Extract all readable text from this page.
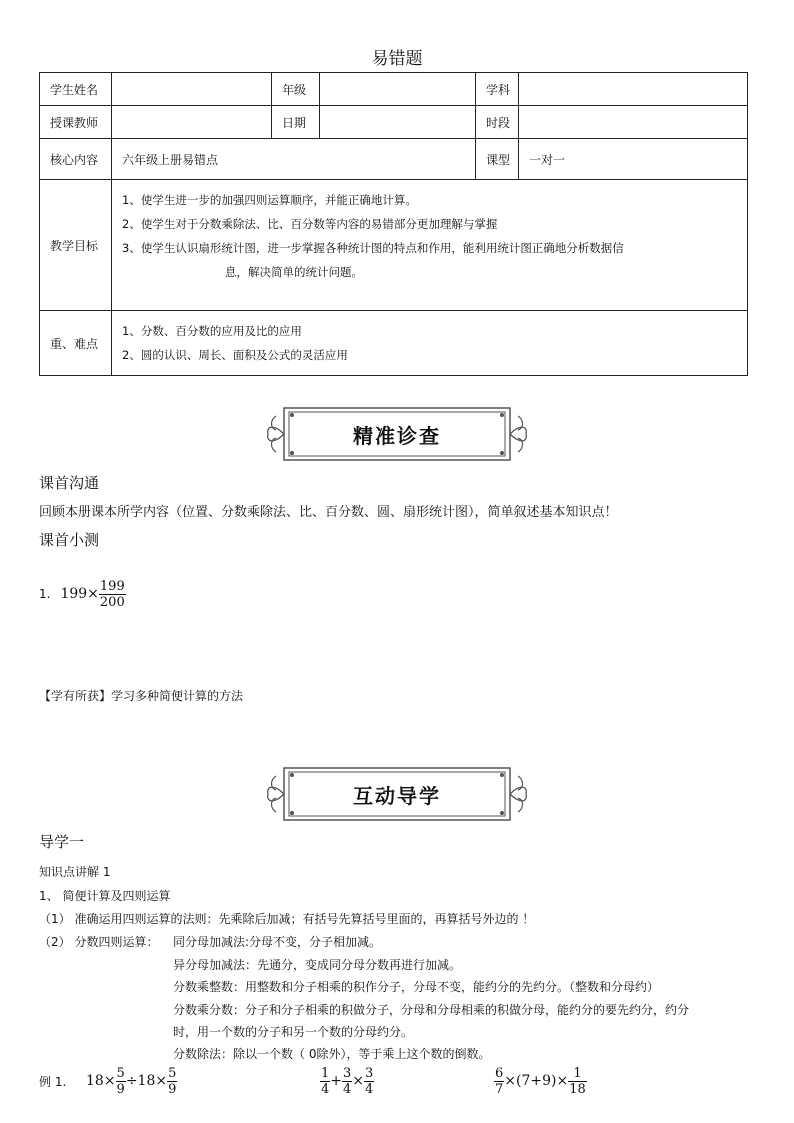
易错题
学生姓名		年级		学科	
授课教师		日期		时段	
核心内容	六年级上册易错点			课型	一对一
教学目标	1、使学生进一步的加强四则运算顺序，并能正确地计算。
2、使学生对于分数乘除法、比、百分数等内容的易错部分更加理解与掌握
3、使学生认识扇形统计图，进一步掌握各种统计图的特点和作用，能利用统计图正确地分析数据信
息，解决简单的统计问题。				

重、难点	1、分数、百分数的应用及比的应用
2、圆的认识、周长、面积及公式的灵活应用				
精准诊查
课首沟通
回顾本册课本所学内容（位置、分数乘除法、比、百分数、圆、扇形统计图），简单叙述基本知识点！
课首小测
1. $199\times \frac{199}{200}$
【学有所获】学习多种简便计算的方法
互动导学
导学一
知识点讲解 1
1、 简便计算及四则运算
（1） 准确运用四则运算的法则：先乘除后加减；有括号先算括号里面的，再算括号外边的 ！
（2） 分数四则运算： 同分母加减法:分母不变，分子相加减。
异分母加减法：先通分，变成同分母分数再进行加减。
分数乘整数：用整数和分子相乘的积作分子，分母不变，能约分的先约分。（整数和分母约）
分数乘分数：分子和分子相乘的积做分子，分母和分母相乘的积做分母，能约分的要先约分，约分
时，用一个数的分子和另一个数的分母约分。
分数除法：除以一个数（ 0除外），等于乘上这个数的倒数。
例 1. $18\times \frac{5}{9} \div 18\times \frac{5}{9}$	$\frac{1}{4} + \frac{3}{4} \times \frac{3}{4}$	$\frac{6}{7} \times(7+9)\times \frac{1}{18}$
